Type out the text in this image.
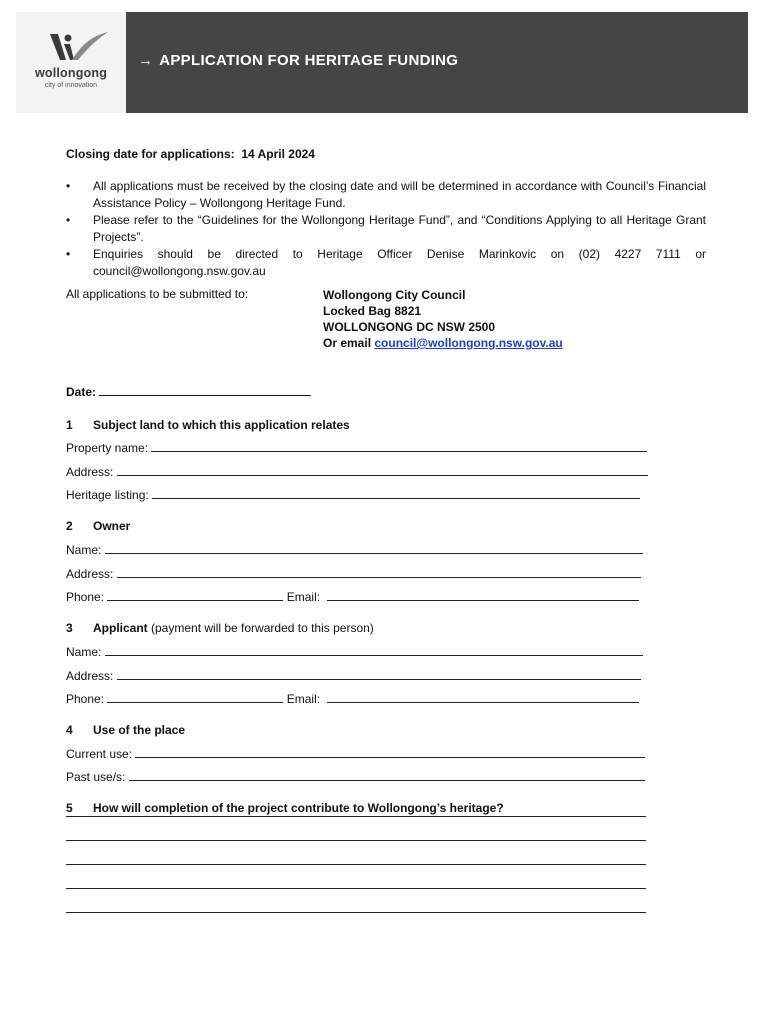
wollongong
city of innovation
→ APPLICATION FOR HERITAGE FUNDING
Closing date for applications: 14 April 2024
• All applications must be received by the closing date and will be determined in accordance with Council’s Financial Assistance Policy – Wollongong Heritage Fund.
• Please refer to the “Guidelines for the Wollongong Heritage Fund”, and “Conditions Applying to all Heritage Grant Projects”.
• Enquiries should be directed to Heritage Officer Denise Marinkovic on (02) 4227 7111 or council@wollongong.nsw.gov.au
All applications to be submitted to:	Wollongong City Council
Locked Bag 8821
WOLLONGONG DC NSW 2500
Or email council@wollongong.nsw.gov.au
Date:
1 Subject land to which this application relates
Property name:
Address:
Heritage listing:
2 Owner
Name:
Address:
Phone:	Email:
3 Applicant (payment will be forwarded to this person)
Name:
Address:
Phone:	Email:
4 Use of the place
Current use:
Past use/s:
5 How will completion of the project contribute to Wollongong’s heritage?
